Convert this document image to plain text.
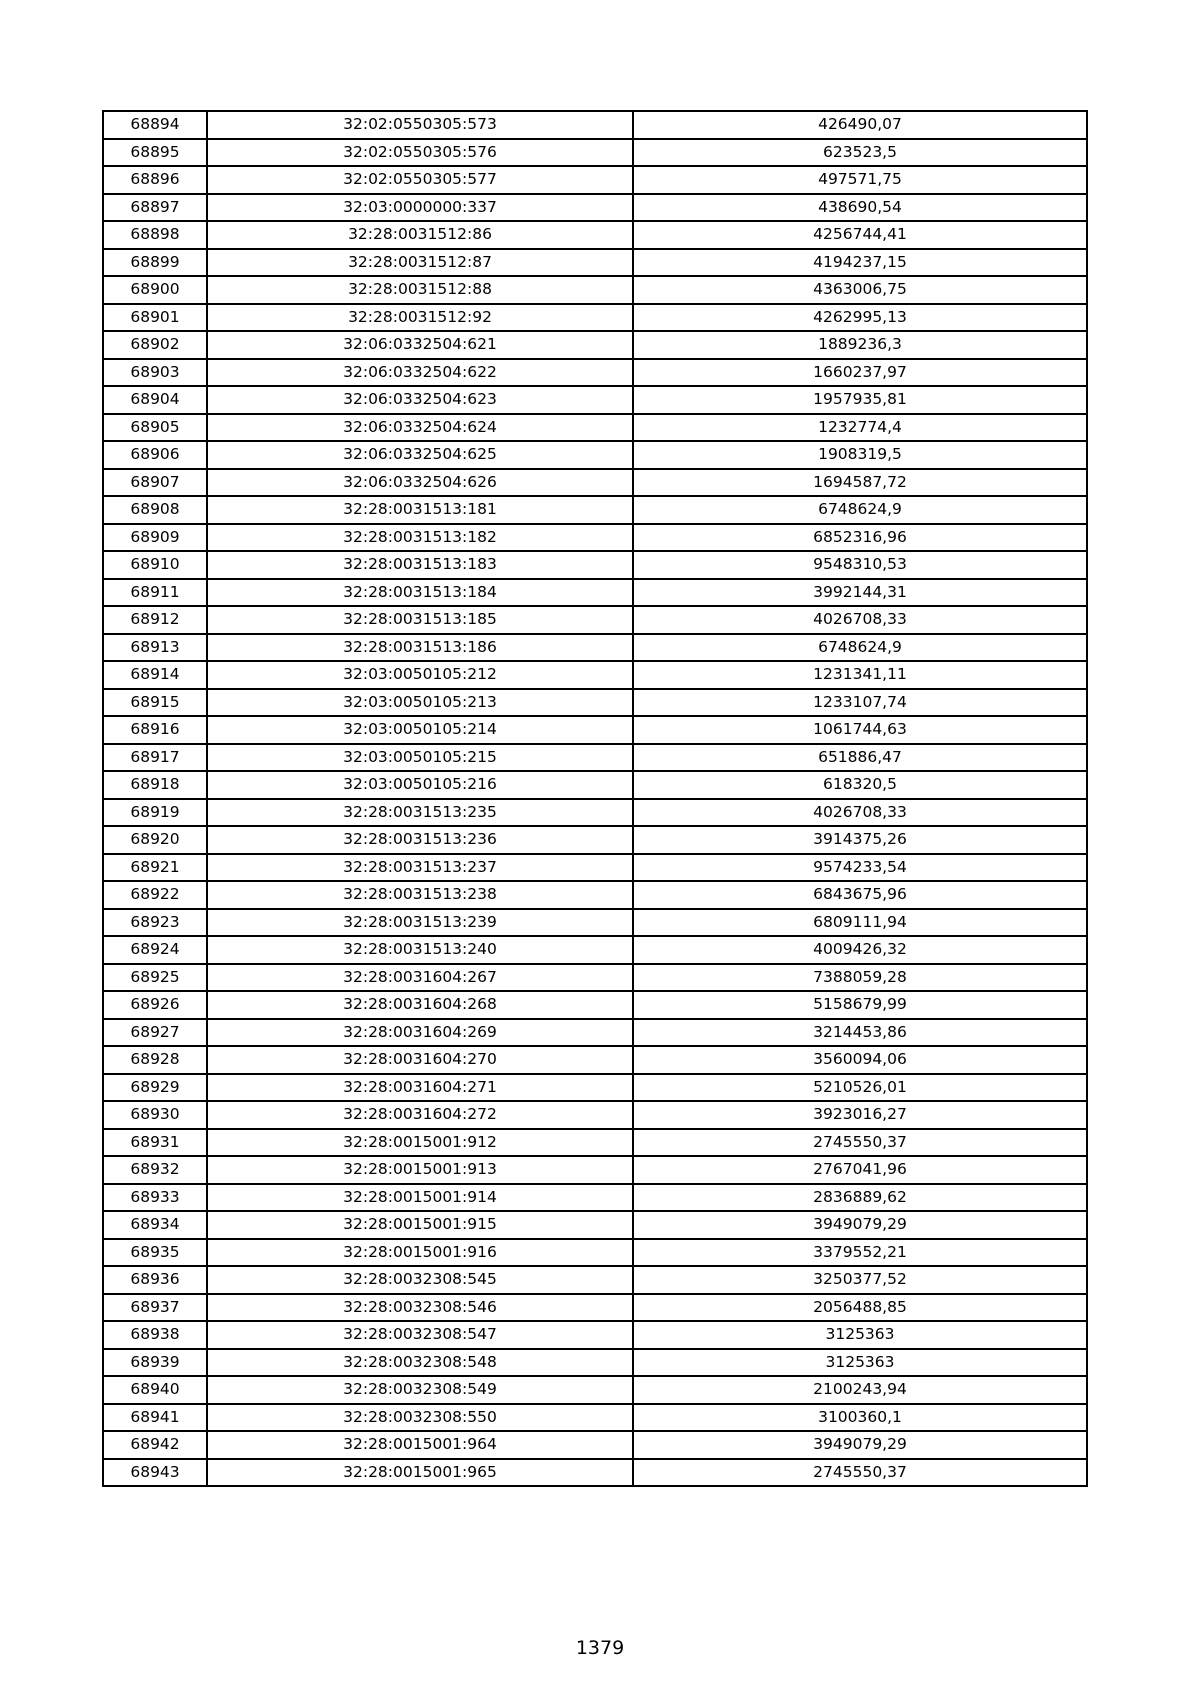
68894	32:02:0550305:573	426490,07
68895	32:02:0550305:576	623523,5
68896	32:02:0550305:577	497571,75
68897	32:03:0000000:337	438690,54
68898	32:28:0031512:86	4256744,41
68899	32:28:0031512:87	4194237,15
68900	32:28:0031512:88	4363006,75
68901	32:28:0031512:92	4262995,13
68902	32:06:0332504:621	1889236,3
68903	32:06:0332504:622	1660237,97
68904	32:06:0332504:623	1957935,81
68905	32:06:0332504:624	1232774,4
68906	32:06:0332504:625	1908319,5
68907	32:06:0332504:626	1694587,72
68908	32:28:0031513:181	6748624,9
68909	32:28:0031513:182	6852316,96
68910	32:28:0031513:183	9548310,53
68911	32:28:0031513:184	3992144,31
68912	32:28:0031513:185	4026708,33
68913	32:28:0031513:186	6748624,9
68914	32:03:0050105:212	1231341,11
68915	32:03:0050105:213	1233107,74
68916	32:03:0050105:214	1061744,63
68917	32:03:0050105:215	651886,47
68918	32:03:0050105:216	618320,5
68919	32:28:0031513:235	4026708,33
68920	32:28:0031513:236	3914375,26
68921	32:28:0031513:237	9574233,54
68922	32:28:0031513:238	6843675,96
68923	32:28:0031513:239	6809111,94
68924	32:28:0031513:240	4009426,32
68925	32:28:0031604:267	7388059,28
68926	32:28:0031604:268	5158679,99
68927	32:28:0031604:269	3214453,86
68928	32:28:0031604:270	3560094,06
68929	32:28:0031604:271	5210526,01
68930	32:28:0031604:272	3923016,27
68931	32:28:0015001:912	2745550,37
68932	32:28:0015001:913	2767041,96
68933	32:28:0015001:914	2836889,62
68934	32:28:0015001:915	3949079,29
68935	32:28:0015001:916	3379552,21
68936	32:28:0032308:545	3250377,52
68937	32:28:0032308:546	2056488,85
68938	32:28:0032308:547	3125363
68939	32:28:0032308:548	3125363
68940	32:28:0032308:549	2100243,94
68941	32:28:0032308:550	3100360,1
68942	32:28:0015001:964	3949079,29
68943	32:28:0015001:965	2745550,37
1379
